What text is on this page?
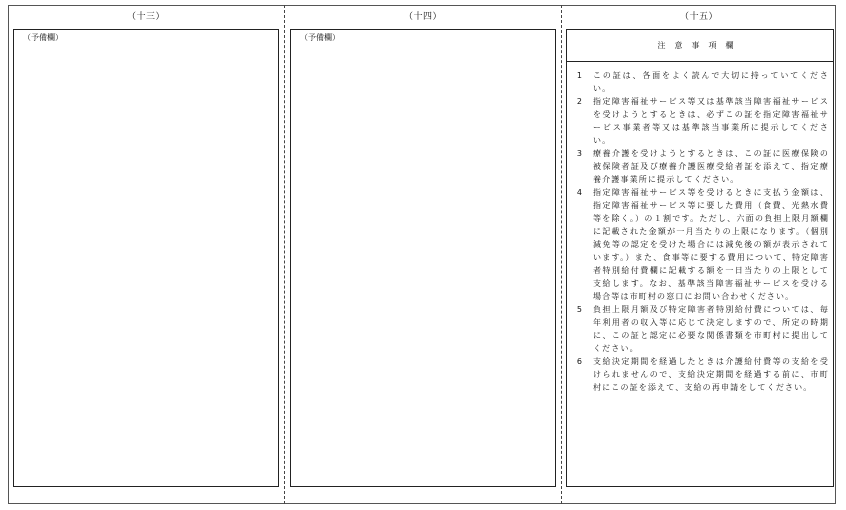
（十三）	（十四）	（十五）
（予備欄）	（予備欄）
注意事項欄
1	この証は、各面をよく読んで大切に持っていてください。
2	指定障害福祉サービス等又は基準該当障害福祉サービスを受けようとするときは、必ずこの証を指定障害福祉サービス事業者等又は基準該当事業所に提示してください。
3	療養介護を受けようとするときは、この証に医療保険の被保険者証及び療養介護医療受給者証を添えて、指定療養介護事業所に提示してください。
4	指定障害福祉サービス等を受けるときに支払う金額は、指定障害福祉サービス等に要した費用（食費、光熱水費等を除く。）の１割です。ただし、六面の負担上限月額欄に記載された金額が一月当たりの上限になります。（個別減免等の認定を受けた場合には減免後の額が表示されています。）また、食事等に要する費用について、特定障害者特別給付費欄に記載する額を一日当たりの上限として支給します。なお、基準該当障害福祉サービスを受ける場合等は市町村の窓口にお問い合わせください。
5	負担上限月額及び特定障害者特別給付費については、毎年利用者の収入等に応じて決定しますので、所定の時期に、この証と認定に必要な関係書類を市町村に提出してください。
6	支給決定期間を経過したときは介護給付費等の支給を受けられませんので、支給決定期間を経過する前に、市町村にこの証を添えて、支給の再申請をしてください。
